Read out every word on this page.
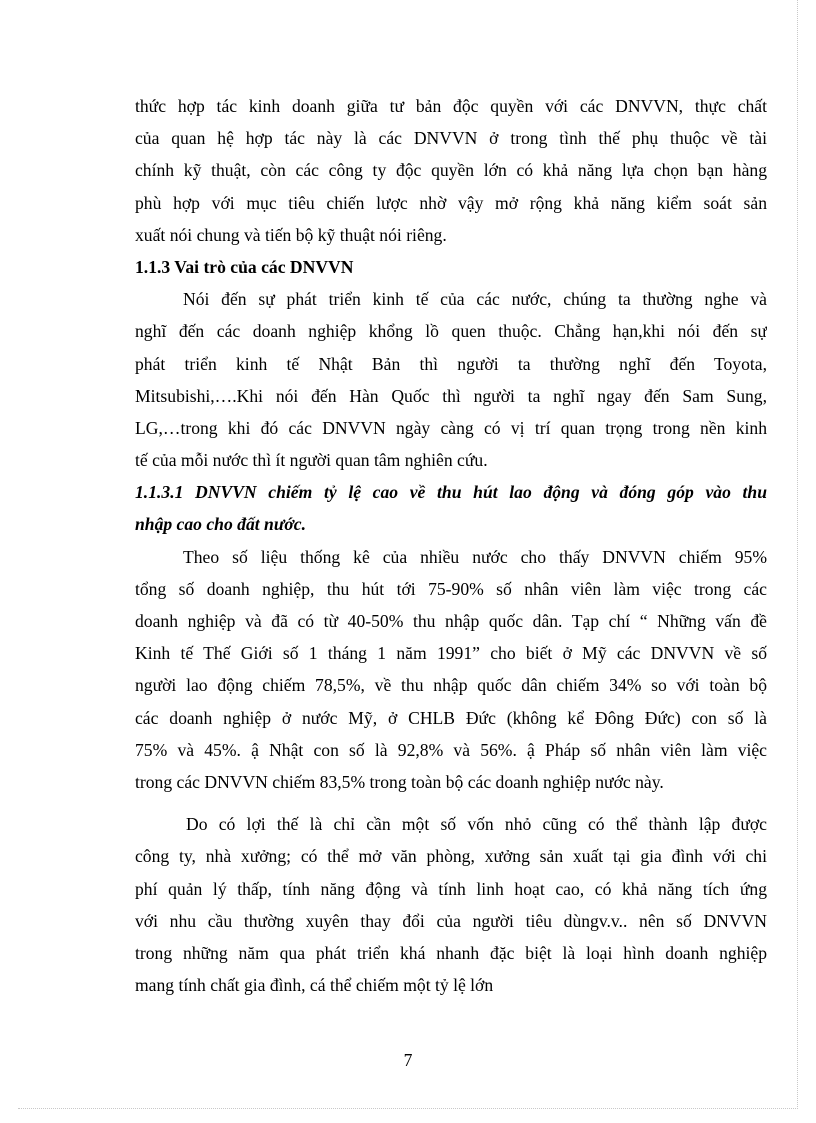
thức hợp tác kinh doanh giữa tư bản độc quyền với các DNVVN, thực chất
của quan hệ hợp tác này là các DNVVN ở trong tình thế phụ thuộc về tài
chính kỹ thuật, còn các công ty độc quyền lớn có khả năng lựa chọn bạn hàng
phù hợp với mục tiêu chiến lược nhờ vậy mở rộng khả năng kiểm soát sản
xuất nói chung và tiến bộ kỹ thuật nói riêng.
1.1.3 Vai trò của các DNVVN
Nói đến sự phát triển kinh tế của các nước, chúng ta thường nghe và
nghĩ đến các doanh nghiệp khổng lồ quen thuộc. Chẳng hạn,khi nói đến sự
phát triển kinh tế Nhật Bản thì người ta thường nghĩ đến Toyota,
Mitsubishi,….Khi nói đến Hàn Quốc thì người ta nghĩ ngay đến Sam Sung,
LG,…trong khi đó các DNVVN ngày càng có vị trí quan trọng trong nền kinh
tế của mỗi nước thì ít người quan tâm nghiên cứu.
1.1.3.1 DNVVN chiếm tỷ lệ cao về thu hút lao động và đóng góp vào thu
nhập cao cho đất nước.
Theo số liệu thống kê của nhiều nước cho thấy DNVVN chiếm 95%
tổng số doanh nghiệp, thu hút tới 75-90% số nhân viên làm việc trong các
doanh nghiệp và đã có từ 40-50% thu nhập quốc dân. Tạp chí “ Những vấn đề
Kinh tế Thế Giới số 1 tháng 1 năm 1991” cho biết ở Mỹ các DNVVN về số
người lao động chiếm 78,5%, về thu nhập quốc dân chiếm 34% so với toàn bộ
các doanh nghiệp ở nước Mỹ, ở CHLB Đức (không kể Đông Đức) con số là
75% và 45%. ậ Nhật con số là 92,8% và 56%. ậ Pháp số nhân viên làm việc
trong các DNVVN chiếm 83,5% trong toàn bộ các doanh nghiệp nước này.
Do có lợi thế là chỉ cần một số vốn nhỏ cũng có thể thành lập được
công ty, nhà xưởng; có thể mở văn phòng, xưởng sản xuất tại gia đình với chi
phí quản lý thấp, tính năng động và tính linh hoạt cao, có khả năng tích ứng
với nhu cầu thường xuyên thay đổi của người tiêu dùngv.v.. nên số DNVVN
trong những năm qua phát triển khá nhanh đặc biệt là loại hình doanh nghiệp
mang tính chất gia đình, cá thể chiếm một tỷ lệ lớn
7
